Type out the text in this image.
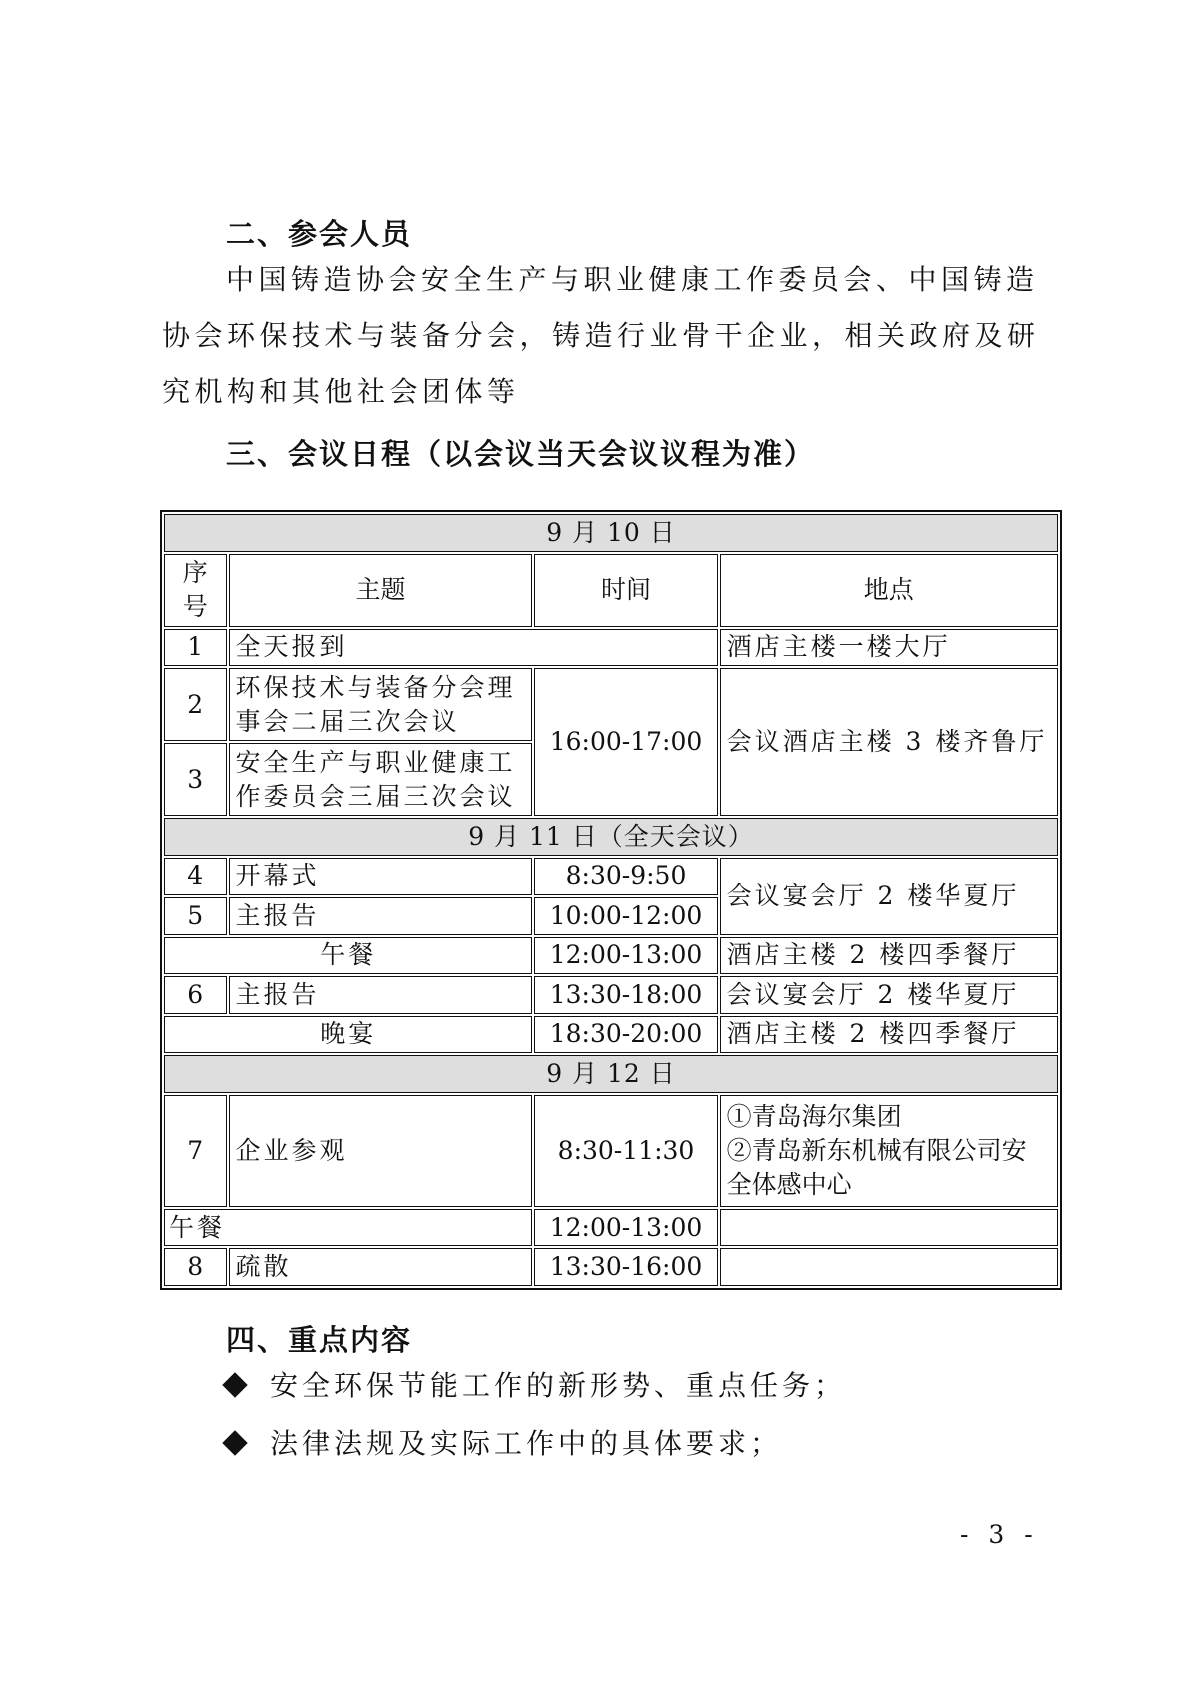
二、参会人员

中国铸造协会安全生产与职业健康工作委员会、中国铸造协会环保技术与装备分会，铸造行业骨干企业，相关政府及研究机构和其他社会团体等

三、会议日程（以会议当天会议议程为准）
9 月 10 日			
序号	主题	时间	地点
1	全天报到		酒店主楼一楼大厅
2	环保技术与装备分会理事会二届三次会议	16:00-17:00	会议酒店主楼 3 楼齐鲁厅
3	安全生产与职业健康工作委员会三届三次会议		
9 月 11 日（全天会议）			
4	开幕式	8:30-9:50	会议宴会厅 2 楼华夏厅
5	主报告	10:00-12:00	
午餐		12:00-13:00	酒店主楼 2 楼四季餐厅
6	主报告	13:30-18:00	会议宴会厅 2 楼华夏厅
晚宴		18:30-20:00	酒店主楼 2 楼四季餐厅
9 月 12 日			
7	企业参观	8:30-11:30	①青岛海尔集团
②青岛新东机械有限公司安全体感中心

午餐		12:00-13:00	
8	疏散	13:30-16:00	
四、重点内容
安全环保节能工作的新形势、重点任务；
法律法规及实际工作中的具体要求；
- 3 -
